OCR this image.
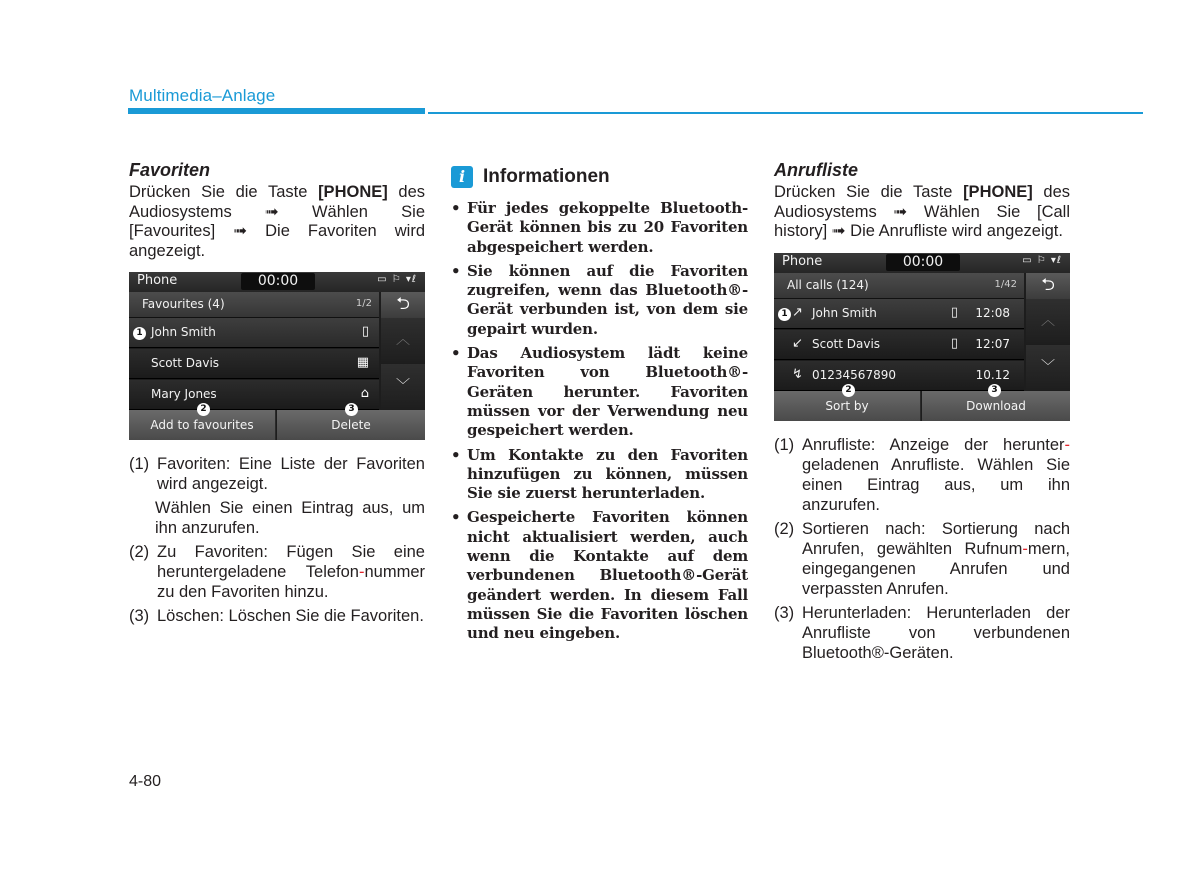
Multimedia–Anlage
Favoriten
Drücken Sie die Taste [PHONE] des Audiosystems ➟ Wählen Sie [Favourites] ➟ Die Favoriten wird angezeigt.
Phone	00:00	▭ ⚐ ▾ℓ
Favourites (4)	1/2	⮌
John Smith	▯
Scott Davis	▦
Mary Jones	⌂
︿
﹀
Add to favourites	Delete
1
2	3
(1) Favoriten: Eine Liste der Favoriten wird angezeigt.
Wählen Sie einen Eintrag aus, um ihn anzurufen.
(2) Zu Favoriten: Fügen Sie eine heruntergeladene Telefon-nummer zu den Favoriten hinzu.
(3) Löschen: Löschen Sie die Favoriten.
i Informationen
• Für jedes gekoppelte Bluetooth-Gerät können bis zu 20 Favoriten abgespeichert werden.
• Sie können auf die Favoriten zugreifen, wenn das Bluetooth®-Gerät verbunden ist, von dem sie gepairt wurden.
• Das Audiosystem lädt keine Favoriten von Bluetooth®-Geräten herunter. Favoriten müssen vor der Verwendung neu gespeichert werden.
• Um Kontakte zu den Favoriten hinzufügen zu können, müssen Sie sie zuerst herunterladen.
• Gespeicherte Favoriten können nicht aktualisiert werden, auch wenn die Kontakte auf dem verbundenen Bluetooth®-Gerät geändert werden. In diesem Fall müssen Sie die Favoriten löschen und neu eingeben.
Anrufliste
Drücken Sie die Taste [PHONE] des Audiosystems ➟ Wählen Sie [Call history] ➟ Die Anrufliste wird angezeigt.
Phone	00:00	▭ ⚐ ▾ℓ
All calls (124)	1/42	⮌
↗ John Smith	▯ 12:08
↙ Scott Davis	▯ 12:07
↯ 01234567890	10.12
︿
﹀
Sort by	Download
1
2	3
(1) Anrufliste: Anzeige der herunter-geladenen Anrufliste. Wählen Sie einen Eintrag aus, um ihn anzurufen.
(2) Sortieren nach: Sortierung nach Anrufen, gewählten Rufnum-mern, eingegangenen Anrufen und verpassten Anrufen.
(3) Herunterladen: Herunterladen der Anrufliste von verbundenen Bluetooth®-Geräten.
4-80
